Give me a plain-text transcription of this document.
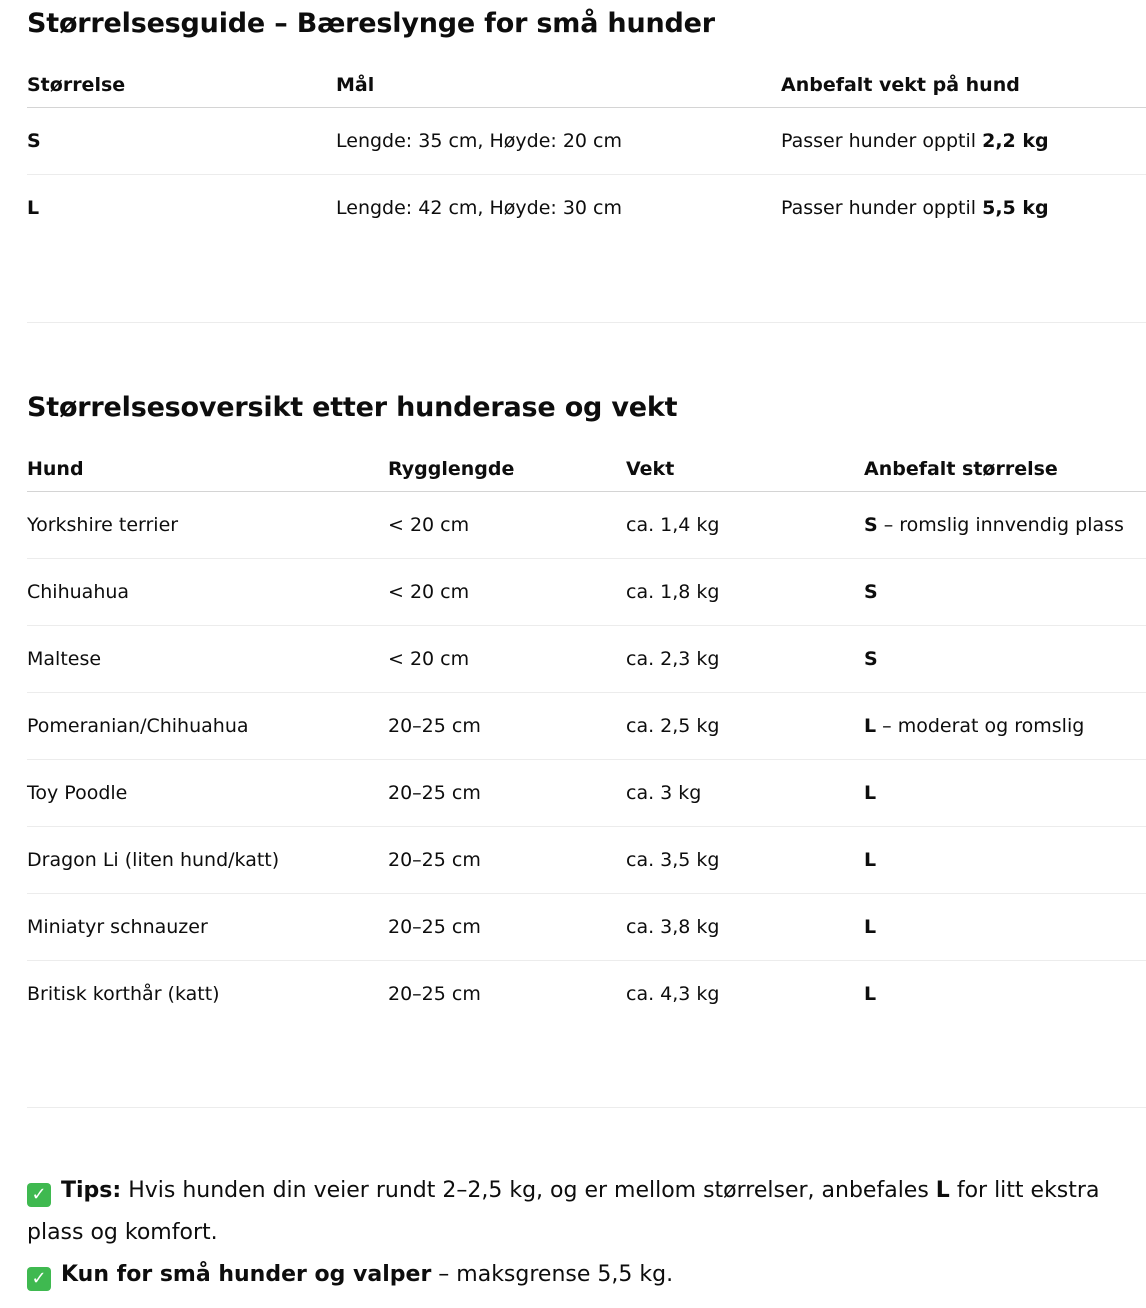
Størrelsesguide – Bæreslynge for små hunder
Størrelse	Mål	Anbefalt vekt på hund
S	Lengde: 35 cm, Høyde: 20 cm	Passer hunder opptil 2,2 kg
L	Lengde: 42 cm, Høyde: 30 cm	Passer hunder opptil 5,5 kg
Størrelsesoversikt etter hunderase og vekt
Hund	Rygglengde	Vekt	Anbefalt størrelse
Yorkshire terrier	< 20 cm	ca. 1,4 kg	S – romslig innvendig plass
Chihuahua	< 20 cm	ca. 1,8 kg	S
Maltese	< 20 cm	ca. 2,3 kg	S
Pomeranian/Chihuahua	20–25 cm	ca. 2,5 kg	L – moderat og romslig
Toy Poodle	20–25 cm	ca. 3 kg	L
Dragon Li (liten hund/katt)	20–25 cm	ca. 3,5 kg	L
Miniatyr schnauzer	20–25 cm	ca. 3,8 kg	L
Britisk korthår (katt)	20–25 cm	ca. 4,3 kg	L

✓ Tips: Hvis hunden din veier rundt 2–2,5 kg, og er mellom størrelser, anbefales L for litt ekstra plass og komfort.

✓ Kun for små hunder og valper – maksgrense 5,5 kg.
